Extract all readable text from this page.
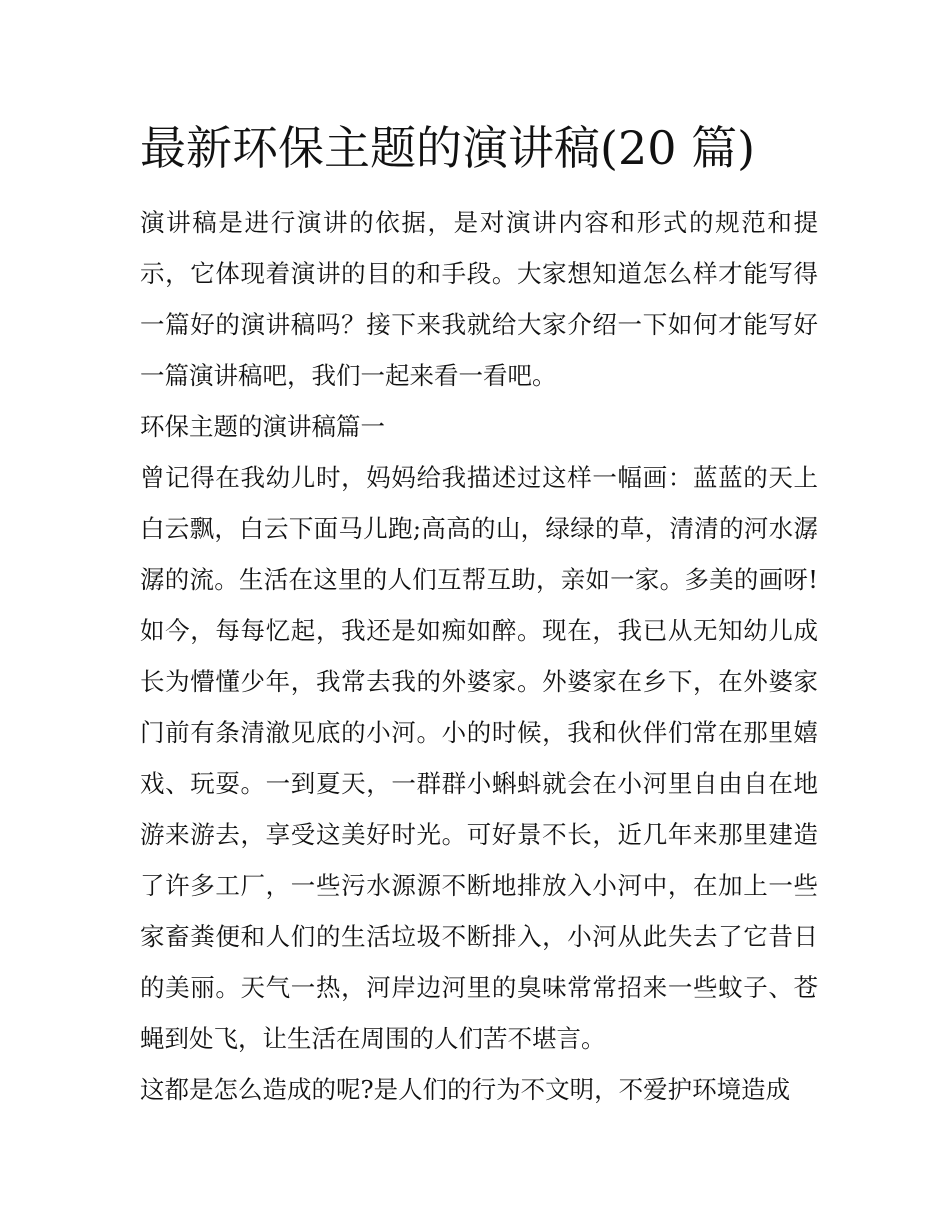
最新环保主题的演讲稿(20 篇)

演讲稿是进行演讲的依据，是对演讲内容和形式的规范和提示，它体现着演讲的目的和手段。大家想知道怎么样才能写得一篇好的演讲稿吗？接下来我就给大家介绍一下如何才能写好一篇演讲稿吧，我们一起来看一看吧。

环保主题的演讲稿篇一

曾记得在我幼儿时，妈妈给我描述过这样一幅画：蓝蓝的天上白云飘，白云下面马儿跑;高高的山，绿绿的草，清清的河水潺潺的流。生活在这里的人们互帮互助，亲如一家。多美的画呀!如今，每每忆起，我还是如痴如醉。现在，我已从无知幼儿成长为懵懂少年，我常去我的外婆家。外婆家在乡下，在外婆家门前有条清澈见底的小河。小的时候，我和伙伴们常在那里嬉戏、玩耍。一到夏天，一群群小蝌蚪就会在小河里自由自在地游来游去，享受这美好时光。可好景不长，近几年来那里建造了许多工厂，一些污水源源不断地排放入小河中，在加上一些家畜粪便和人们的生活垃圾不断排入，小河从此失去了它昔日的美丽。天气一热，河岸边河里的臭味常常招来一些蚊子、苍蝇到处飞，让生活在周围的人们苦不堪言。

这都是怎么造成的呢?是人们的行为不文明，不爱护环境造成
